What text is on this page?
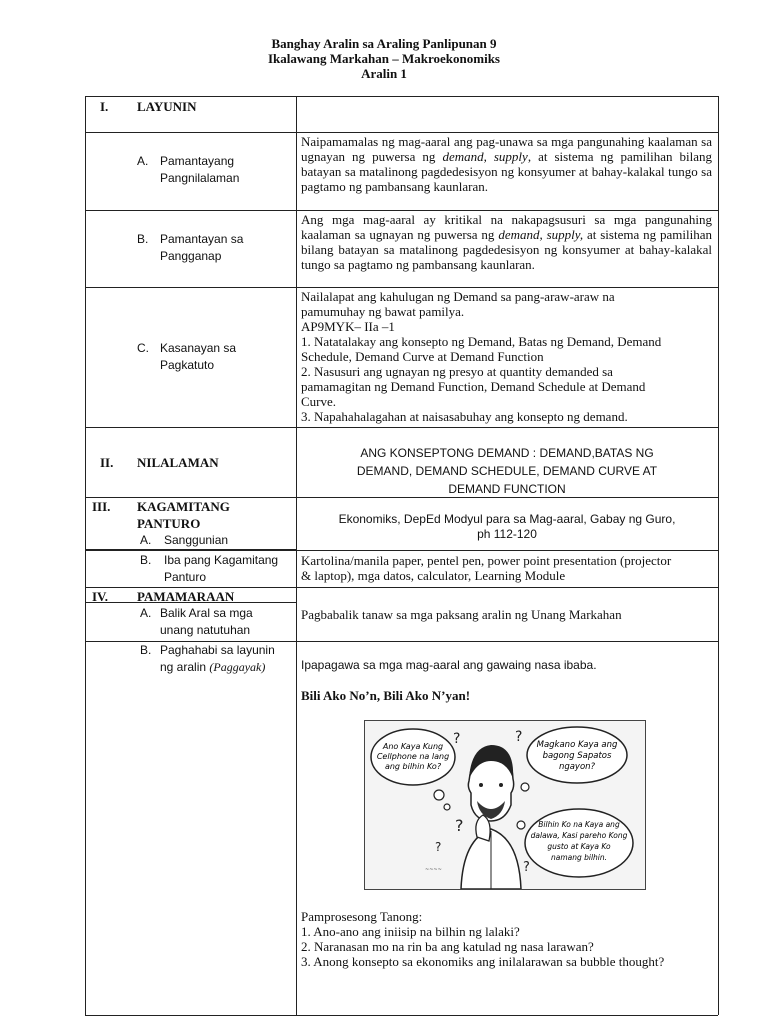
Banghay Aralin sa Araling Panlipunan 9
Ikalawang Markahan – Makroekonomiks
Aralin 1
I. LAYUNIN
A. Pamantayang
Pangnilalaman
Naipamamalas ng mag-aaral ang pag-unawa sa mga pangunahing kaalaman sa ugnayan ng puwersa ng demand, supply, at sistema ng pamilihan bilang batayan sa matalinong pagdedesisyon ng konsyumer at bahay-kalakal tungo sa pagtamo ng pambansang kaunlaran.
B. Pamantayan sa
Pangganap
Ang mga mag-aaral ay kritikal na nakapagsusuri sa mga pangunahing kaalaman sa ugnayan ng puwersa ng demand, supply, at sistema ng pamilihan bilang batayan sa matalinong pagdedesisyon ng konsyumer at bahay-kalakal tungo sa pagtamo ng pambansang kaunlaran.
C. Kasanayan sa
Pagkatuto
Nailalapat ang kahulugan ng Demand sa pang-araw-araw na
pamumuhay ng bawat pamilya.
AP9MYK– IIa –1
1. Natatalakay ang konsepto ng Demand, Batas ng Demand, Demand
Schedule, Demand Curve at Demand Function
2. Nasusuri ang ugnayan ng presyo at quantity demanded sa
pamamagitan ng Demand Function, Demand Schedule at Demand
Curve.
3. Napahahalagahan at naisasabuhay ang konsepto ng demand.
II. NILALAMAN
ANG KONSEPTONG DEMAND : DEMAND,BATAS NG
DEMAND, DEMAND SCHEDULE, DEMAND CURVE AT
DEMAND FUNCTION
III. KAGAMITANG
PANTURO
A. Sanggunian
Ekonomiks, DepEd Modyul para sa Mag-aaral, Gabay ng Guro,
ph 112-120
B. Iba pang Kagamitang
Panturo
Kartolina/manila paper, pentel pen, power point presentation (projector
& laptop), mga datos, calculator, Learning Module
IV. PAMAMARAAN
A. Balik Aral sa mga
unang natutuhan
Pagbabalik tanaw sa mga paksang aralin ng Unang Markahan
B. Paghahabi sa layunin
ng aralin (Paggayak)	Ipapagawa sa mga mag-aaral ang gawaing nasa ibaba.
Bili Ako No’n, Bili Ako N’yan!
Ano Kaya Kung
Cellphone na lang
ang bilhin Ko?
Magkano Kaya ang
bagong Sapatos
ngayon?
Bilhin Ko na Kaya ang
dalawa, Kasi pareho Kong
gusto at Kaya Ko
namang bilhin.
?	?
?
?
?
~~~~
Pamprosesong Tanong:
1. Ano-ano ang iniisip na bilhin ng lalaki?
2. Naranasan mo na rin ba ang katulad ng nasa larawan?
3. Anong konsepto sa ekonomiks ang inilalarawan sa bubble thought?
